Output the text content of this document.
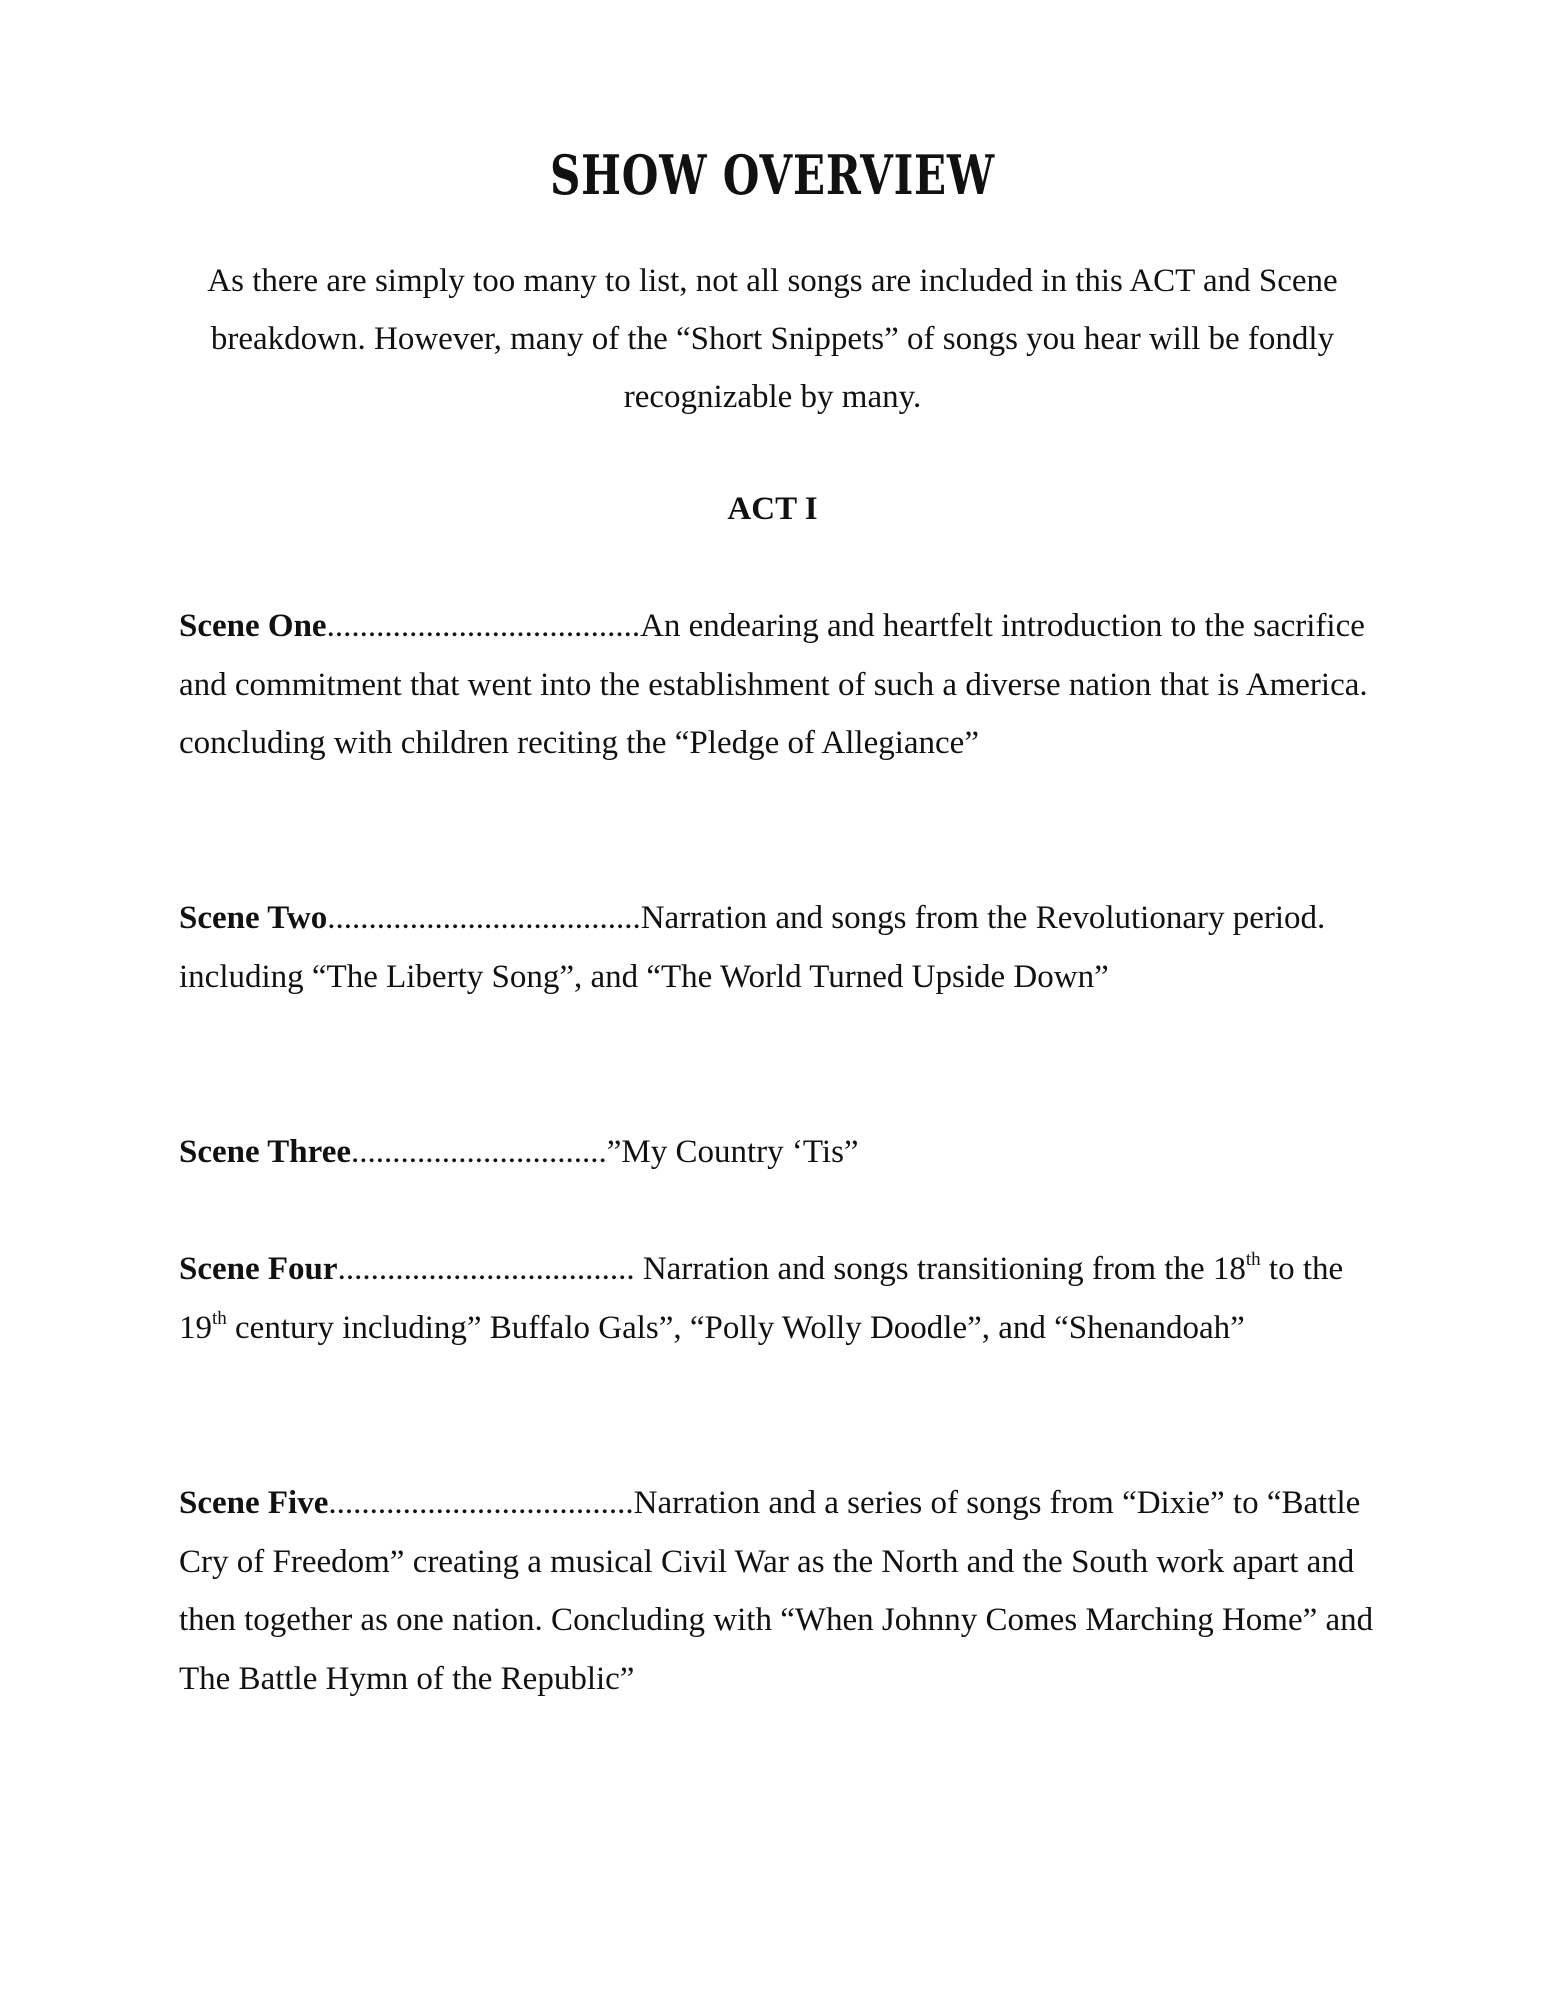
SHOW OVERVIEW

As there are simply too many to list, not all songs are included in this ACT and Scene breakdown. However, many of the “Short Snippets” of songs you hear will be fondly recognizable by many.

ACT I

Scene One......................................An endearing and heartfelt introduction to the sacrifice and commitment that went into the establishment of such a diverse nation that is America. concluding with children reciting the “Pledge of Allegiance”

Scene Two......................................Narration and songs from the Revolutionary period. including “The Liberty Song”, and “The World Turned Upside Down”

Scene Three...............................”My Country ‘Tis”

Scene Four.................................... Narration and songs transitioning from the 18th to the 19th century including” Buffalo Gals”, “Polly Wolly Doodle”, and “Shenandoah”

Scene Five.....................................Narration and a series of songs from “Dixie” to “Battle Cry of Freedom” creating a musical Civil War as the North and the South work apart and then together as one nation. Concluding with “When Johnny Comes Marching Home” and The Battle Hymn of the Republic”
